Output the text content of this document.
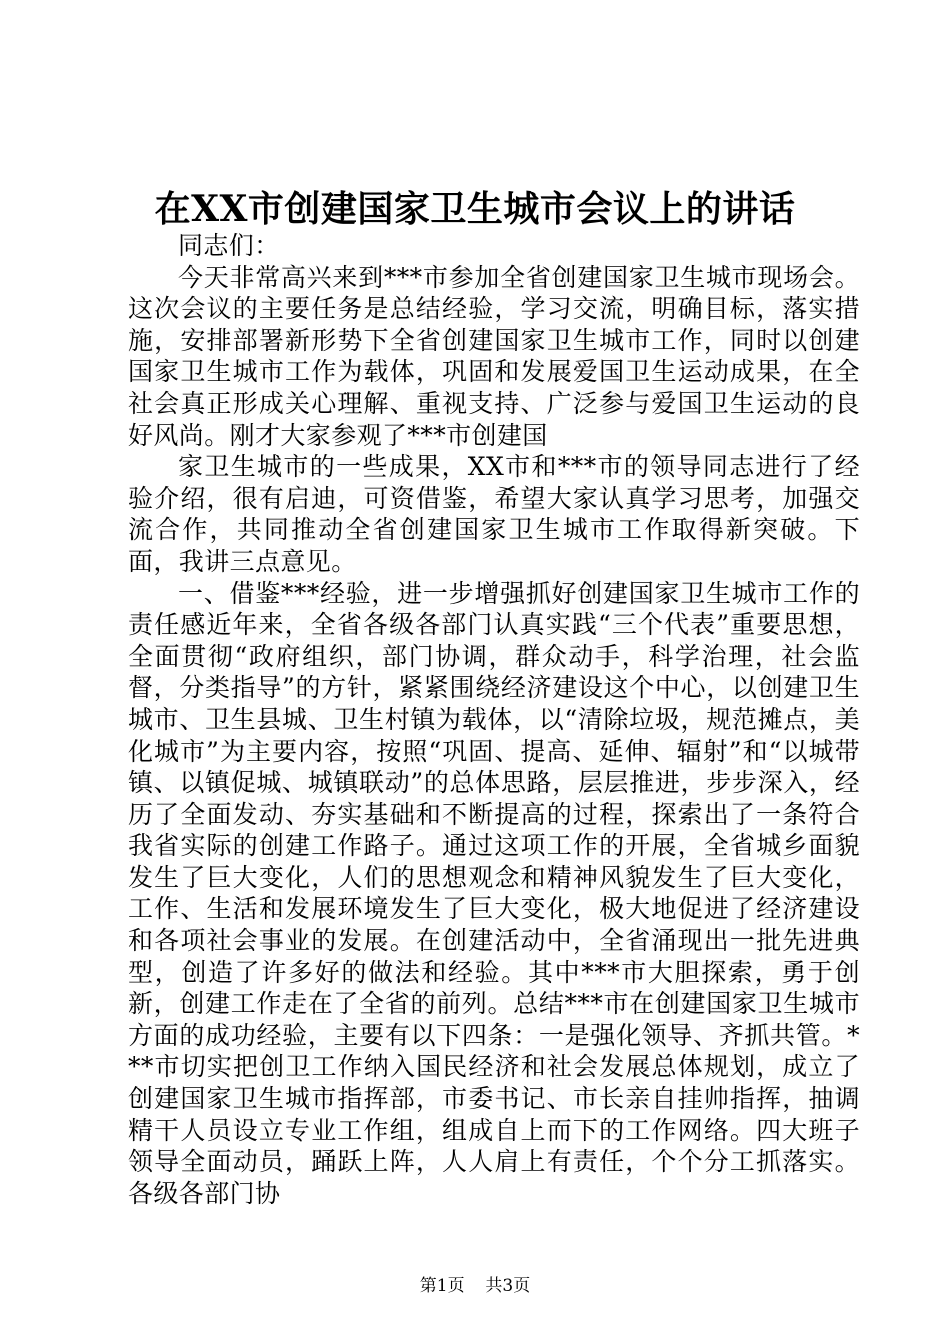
在XX市创建国家卫生城市会议上的讲话

同志们：

今天非常高兴来到***市参加全省创建国家卫生城市现场会。这次会议的主要任务是总结经验，学习交流，明确目标，落实措施，安排部署新形势下全省创建国家卫生城市工作，同时以创建国家卫生城市工作为载体，巩固和发展爱国卫生运动成果，在全社会真正形成关心理解、重视支持、广泛参与爱国卫生运动的良好风尚。刚才大家参观了***市创建国

家卫生城市的一些成果，XX市和***市的领导同志进行了经验介绍，很有启迪，可资借鉴，希望大家认真学习思考，加强交流合作，共同推动全省创建国家卫生城市工作取得新突破。下面，我讲三点意见。

一、借鉴***经验，进一步增强抓好创建国家卫生城市工作的责任感近年来，全省各级各部门认真实践“三个代表”重要思想，全面贯彻“政府组织，部门协调，群众动手，科学治理，社会监督，分类指导”的方针，紧紧围绕经济建设这个中心，以创建卫生城市、卫生县城、卫生村镇为载体，以“清除垃圾，规范摊点，美化城市”为主要内容，按照“巩固、提高、延伸、辐射”和“以城带镇、以镇促城、城镇联动”的总体思路，层层推进，步步深入，经历了全面发动、夯实基础和不断提高的过程，探索出了一条符合我省实际的创建工作路子。通过这项工作的开展，全省城乡面貌发生了巨大变化，人们的思想观念和精神风貌发生了巨大变化，工作、生活和发展环境发生了巨大变化，极大地促进了经济建设和各项社会事业的发展。在创建活动中，全省涌现出一批先进典型，创造了许多好的做法和经验。其中***市大胆探索，勇于创新，创建工作走在了全省的前列。总结***市在创建国家卫生城市方面的成功经验，主要有以下四条：一是强化领导、齐抓共管。***市切实把创卫工作纳入国民经济和社会发展总体规划，成立了创建国家卫生城市指挥部，市委书记、市长亲自挂帅指挥，抽调精干人员设立专业工作组，组成自上而下的工作网络。四大班子领导全面动员，踊跃上阵，人人肩上有责任，个个分工抓落实。各级各部门协

第1页 共3页
